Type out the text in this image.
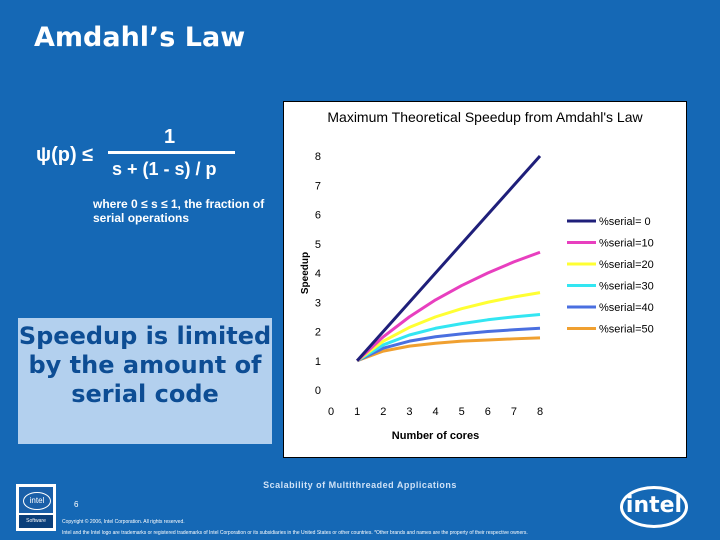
Amdahl’s Law
ψ(p) ≤
1
s + (1 - s) / p
where 0 ≤ s ≤ 1, the fraction of serial operations
Speedup is limited by the amount of serial code
Maximum Theoretical Speedup from Amdahl's Law
0
1
2
3
4
5
6
7
8
0 1 2 3 4 5 6 7 8
Number of cores
Speedup
%serial= 0
%serial=10
%serial=20
%serial=30
%serial=40
%serial=50
intel
Software
Scalability of Multithreaded Applications
6
Copyright © 2006, Intel Corporation. All rights reserved.
Intel and the Intel logo are trademarks or registered trademarks of Intel Corporation or its subsidiaries in the United States or other countries. *Other brands and names are the property of their respective owners.
intel
